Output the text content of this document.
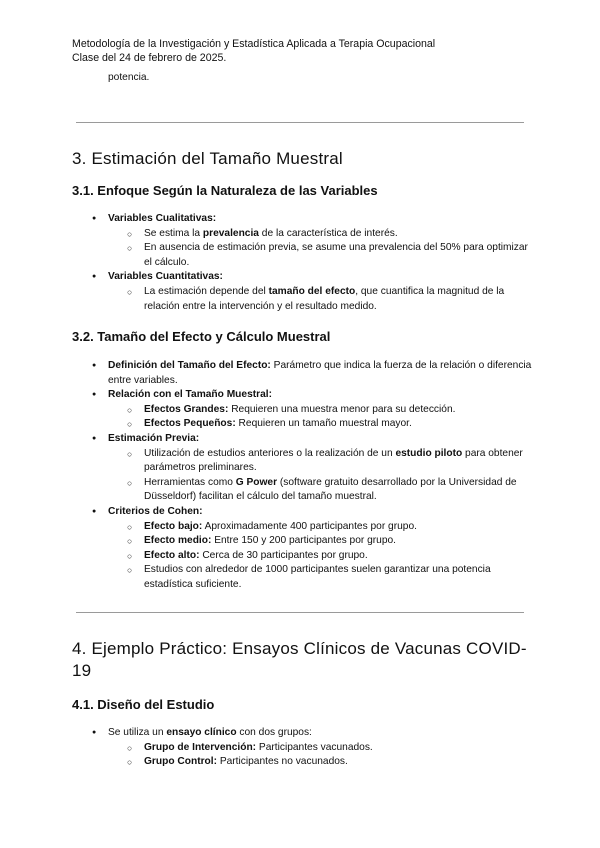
Metodología de la Investigación y Estadística Aplicada a Terapia Ocupacional
Clase del 24 de febrero de 2025.
potencia.
3. Estimación del Tamaño Muestral
3.1. Enfoque Según la Naturaleza de las Variables
● Variables Cualitativas:
○ Se estima la prevalencia de la característica de interés.
○ En ausencia de estimación previa, se asume una prevalencia del 50% para optimizar el cálculo.
● Variables Cuantitativas:
○ La estimación depende del tamaño del efecto, que cuantifica la magnitud de la relación entre la intervención y el resultado medido.
3.2. Tamaño del Efecto y Cálculo Muestral
● Definición del Tamaño del Efecto: Parámetro que indica la fuerza de la relación o diferencia entre variables.
● Relación con el Tamaño Muestral:
○ Efectos Grandes: Requieren una muestra menor para su detección.
○ Efectos Pequeños: Requieren un tamaño muestral mayor.
● Estimación Previa:
○ Utilización de estudios anteriores o la realización de un estudio piloto para obtener parámetros preliminares.
○ Herramientas como G Power (software gratuito desarrollado por la Universidad de Düsseldorf) facilitan el cálculo del tamaño muestral.
● Criterios de Cohen:
○ Efecto bajo: Aproximadamente 400 participantes por grupo.
○ Efecto medio: Entre 150 y 200 participantes por grupo.
○ Efecto alto: Cerca de 30 participantes por grupo.
○ Estudios con alrededor de 1000 participantes suelen garantizar una potencia estadística suficiente.
4. Ejemplo Práctico: Ensayos Clínicos de Vacunas COVID-19
4.1. Diseño del Estudio
● Se utiliza un ensayo clínico con dos grupos:
○ Grupo de Intervención: Participantes vacunados.
○ Grupo Control: Participantes no vacunados.
